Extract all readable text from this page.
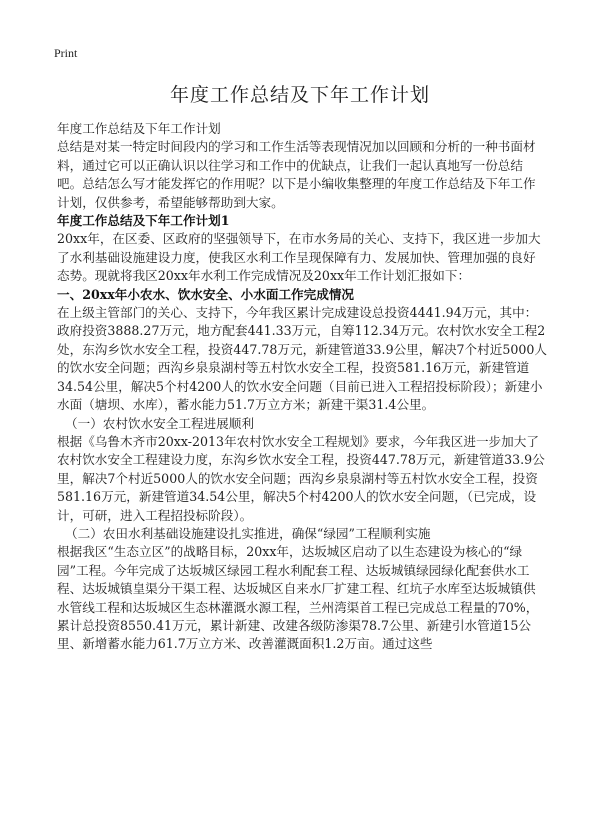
Print
年度工作总结及下年工作计划

年度工作总结及下年工作计划

总结是对某一特定时间段内的学习和工作生活等表现情况加以回顾和分析的一种书面材料，通过它可以正确认识以往学习和工作中的优缺点，让我们一起认真地写一份总结吧。总结怎么写才能发挥它的作用呢？以下是小编收集整理的年度工作总结及下年工作计划，仅供参考，希望能够帮助到大家。

年度工作总结及下年工作计划1

20xx年，在区委、区政府的坚强领导下，在市水务局的关心、支持下，我区进一步加大了水利基础设施建设力度，使我区水利工作呈现保障有力、发展加快、管理加强的良好态势。现就将我区20xx年水利工作完成情况及20xx年工作计划汇报如下：

一、20xx年小农水、饮水安全、小水面工作完成情况

在上级主管部门的关心、支持下，今年我区累计完成建设总投资4441.94万元，其中：政府投资3888.27万元，地方配套441.33万元，自筹112.34万元。农村饮水安全工程2处，东沟乡饮水安全工程，投资447.78万元，新建管道33.9公里，解决7个村近5000人的饮水安全问题；西沟乡泉泉湖村等五村饮水安全工程，投资581.16万元，新建管道34.54公里，解决5个村4200人的饮水安全问题（目前已进入工程招投标阶段）；新建小水面（塘坝、水库），蓄水能力51.7万立方米；新建干渠31.4公里。

（一）农村饮水安全工程进展顺利

根据《乌鲁木齐市20xx-2013年农村饮水安全工程规划》要求，今年我区进一步加大了农村饮水安全工程建设力度，东沟乡饮水安全工程，投资447.78万元，新建管道33.9公里，解决7个村近5000人的饮水安全问题；西沟乡泉泉湖村等五村饮水安全工程，投资581.16万元，新建管道34.54公里，解决5个村4200人的饮水安全问题，（已完成，设计，可研，进入工程招投标阶段）。

（二）农田水利基础设施建设扎实推进，确保“绿园”工程顺利实施

根据我区“生态立区”的战略目标，20xx年，达坂城区启动了以生态建设为核心的“绿园”工程。今年完成了达坂城区绿园工程水利配套工程、达坂城镇绿园绿化配套供水工程、达坂城镇皇渠分干渠工程、达坂城区自来水厂扩建工程、红坑子水库至达坂城镇供水管线工程和达坂城区生态林灌溉水源工程，兰州湾渠首工程已完成总工程量的70%，累计总投资8550.41万元，累计新建、改建各级防渗渠78.7公里、新建引水管道15公里、新增蓄水能力61.7万立方米、改善灌溉面积1.2万亩。通过这些
